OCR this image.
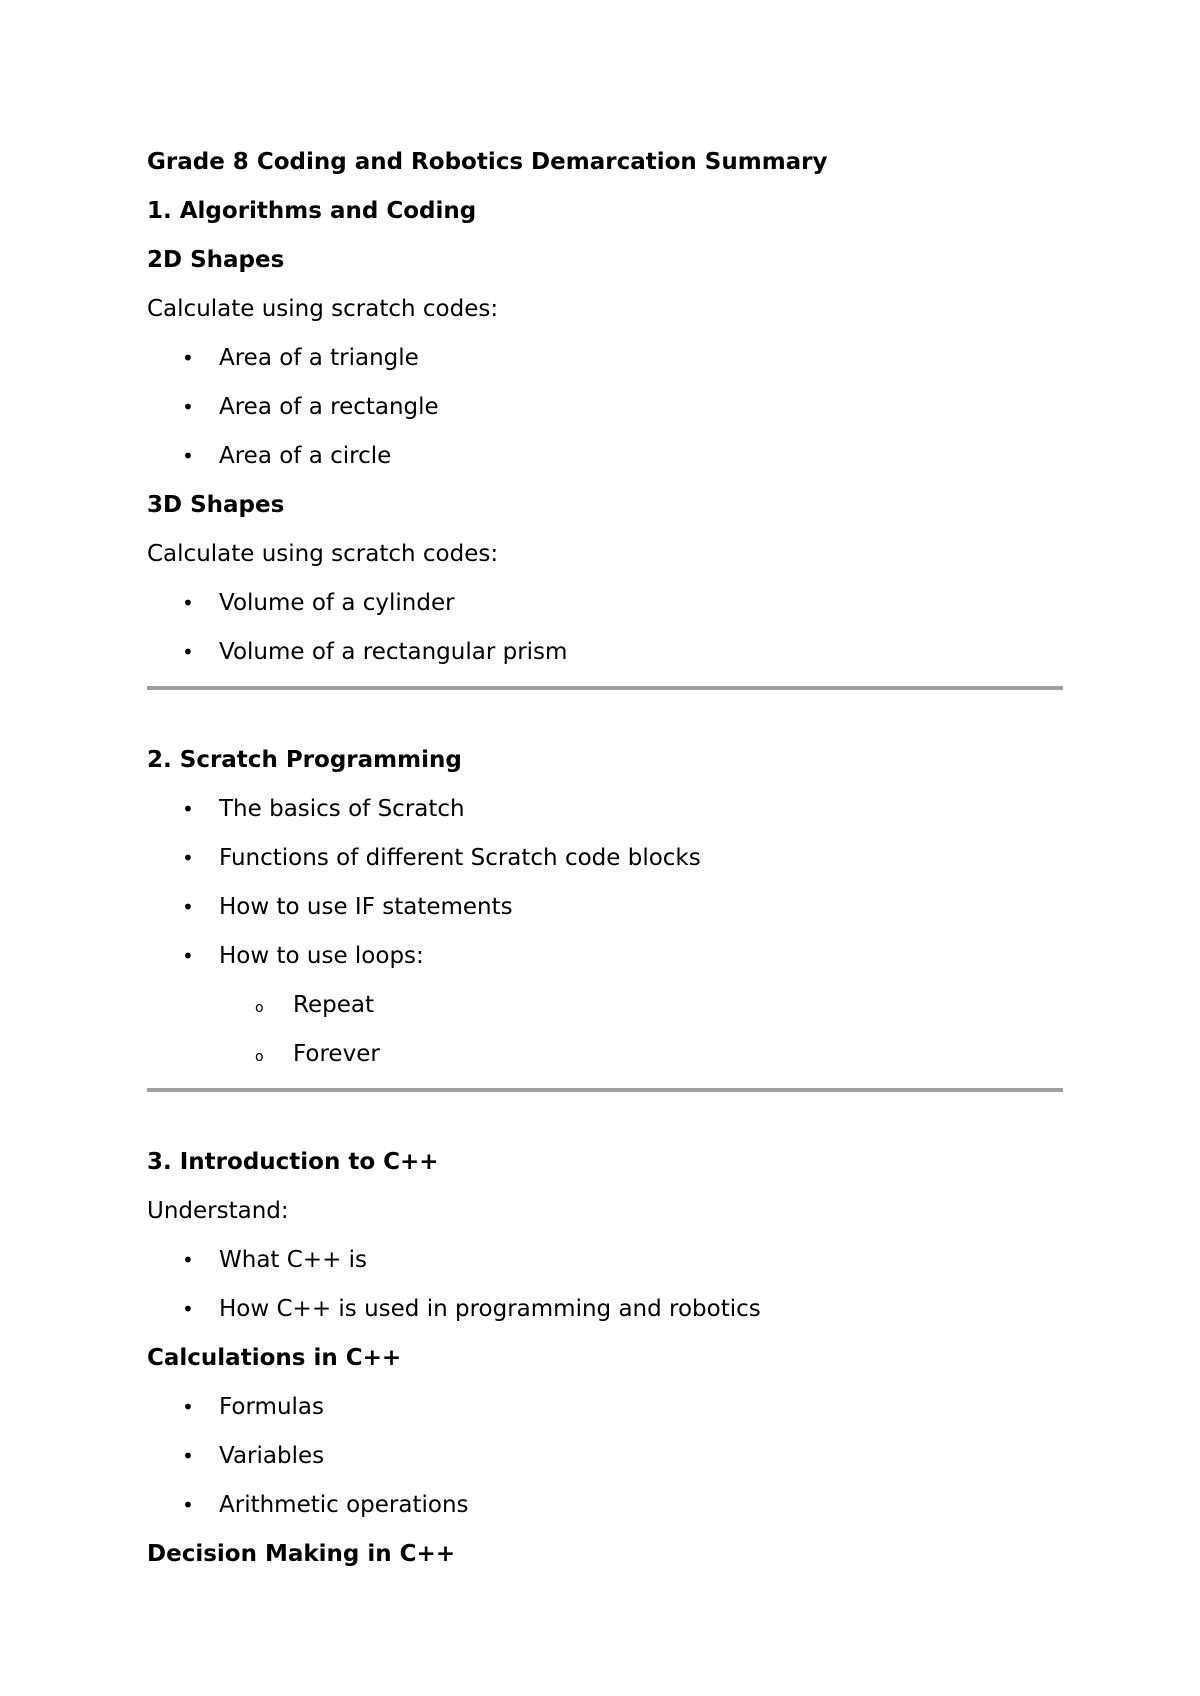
Grade 8 Coding and Robotics Demarcation Summary
1. Algorithms and Coding
2D Shapes
Calculate using scratch codes:
• Area of a triangle
• Area of a rectangle
• Area of a circle
3D Shapes
Calculate using scratch codes:
• Volume of a cylinder
• Volume of a rectangular prism
2. Scratch Programming
• The basics of Scratch
• Functions of different Scratch code blocks
• How to use IF statements
• How to use loops:
o Repeat
o Forever
3. Introduction to C++
Understand:
• What C++ is
• How C++ is used in programming and robotics
Calculations in C++
• Formulas
• Variables
• Arithmetic operations
Decision Making in C++
